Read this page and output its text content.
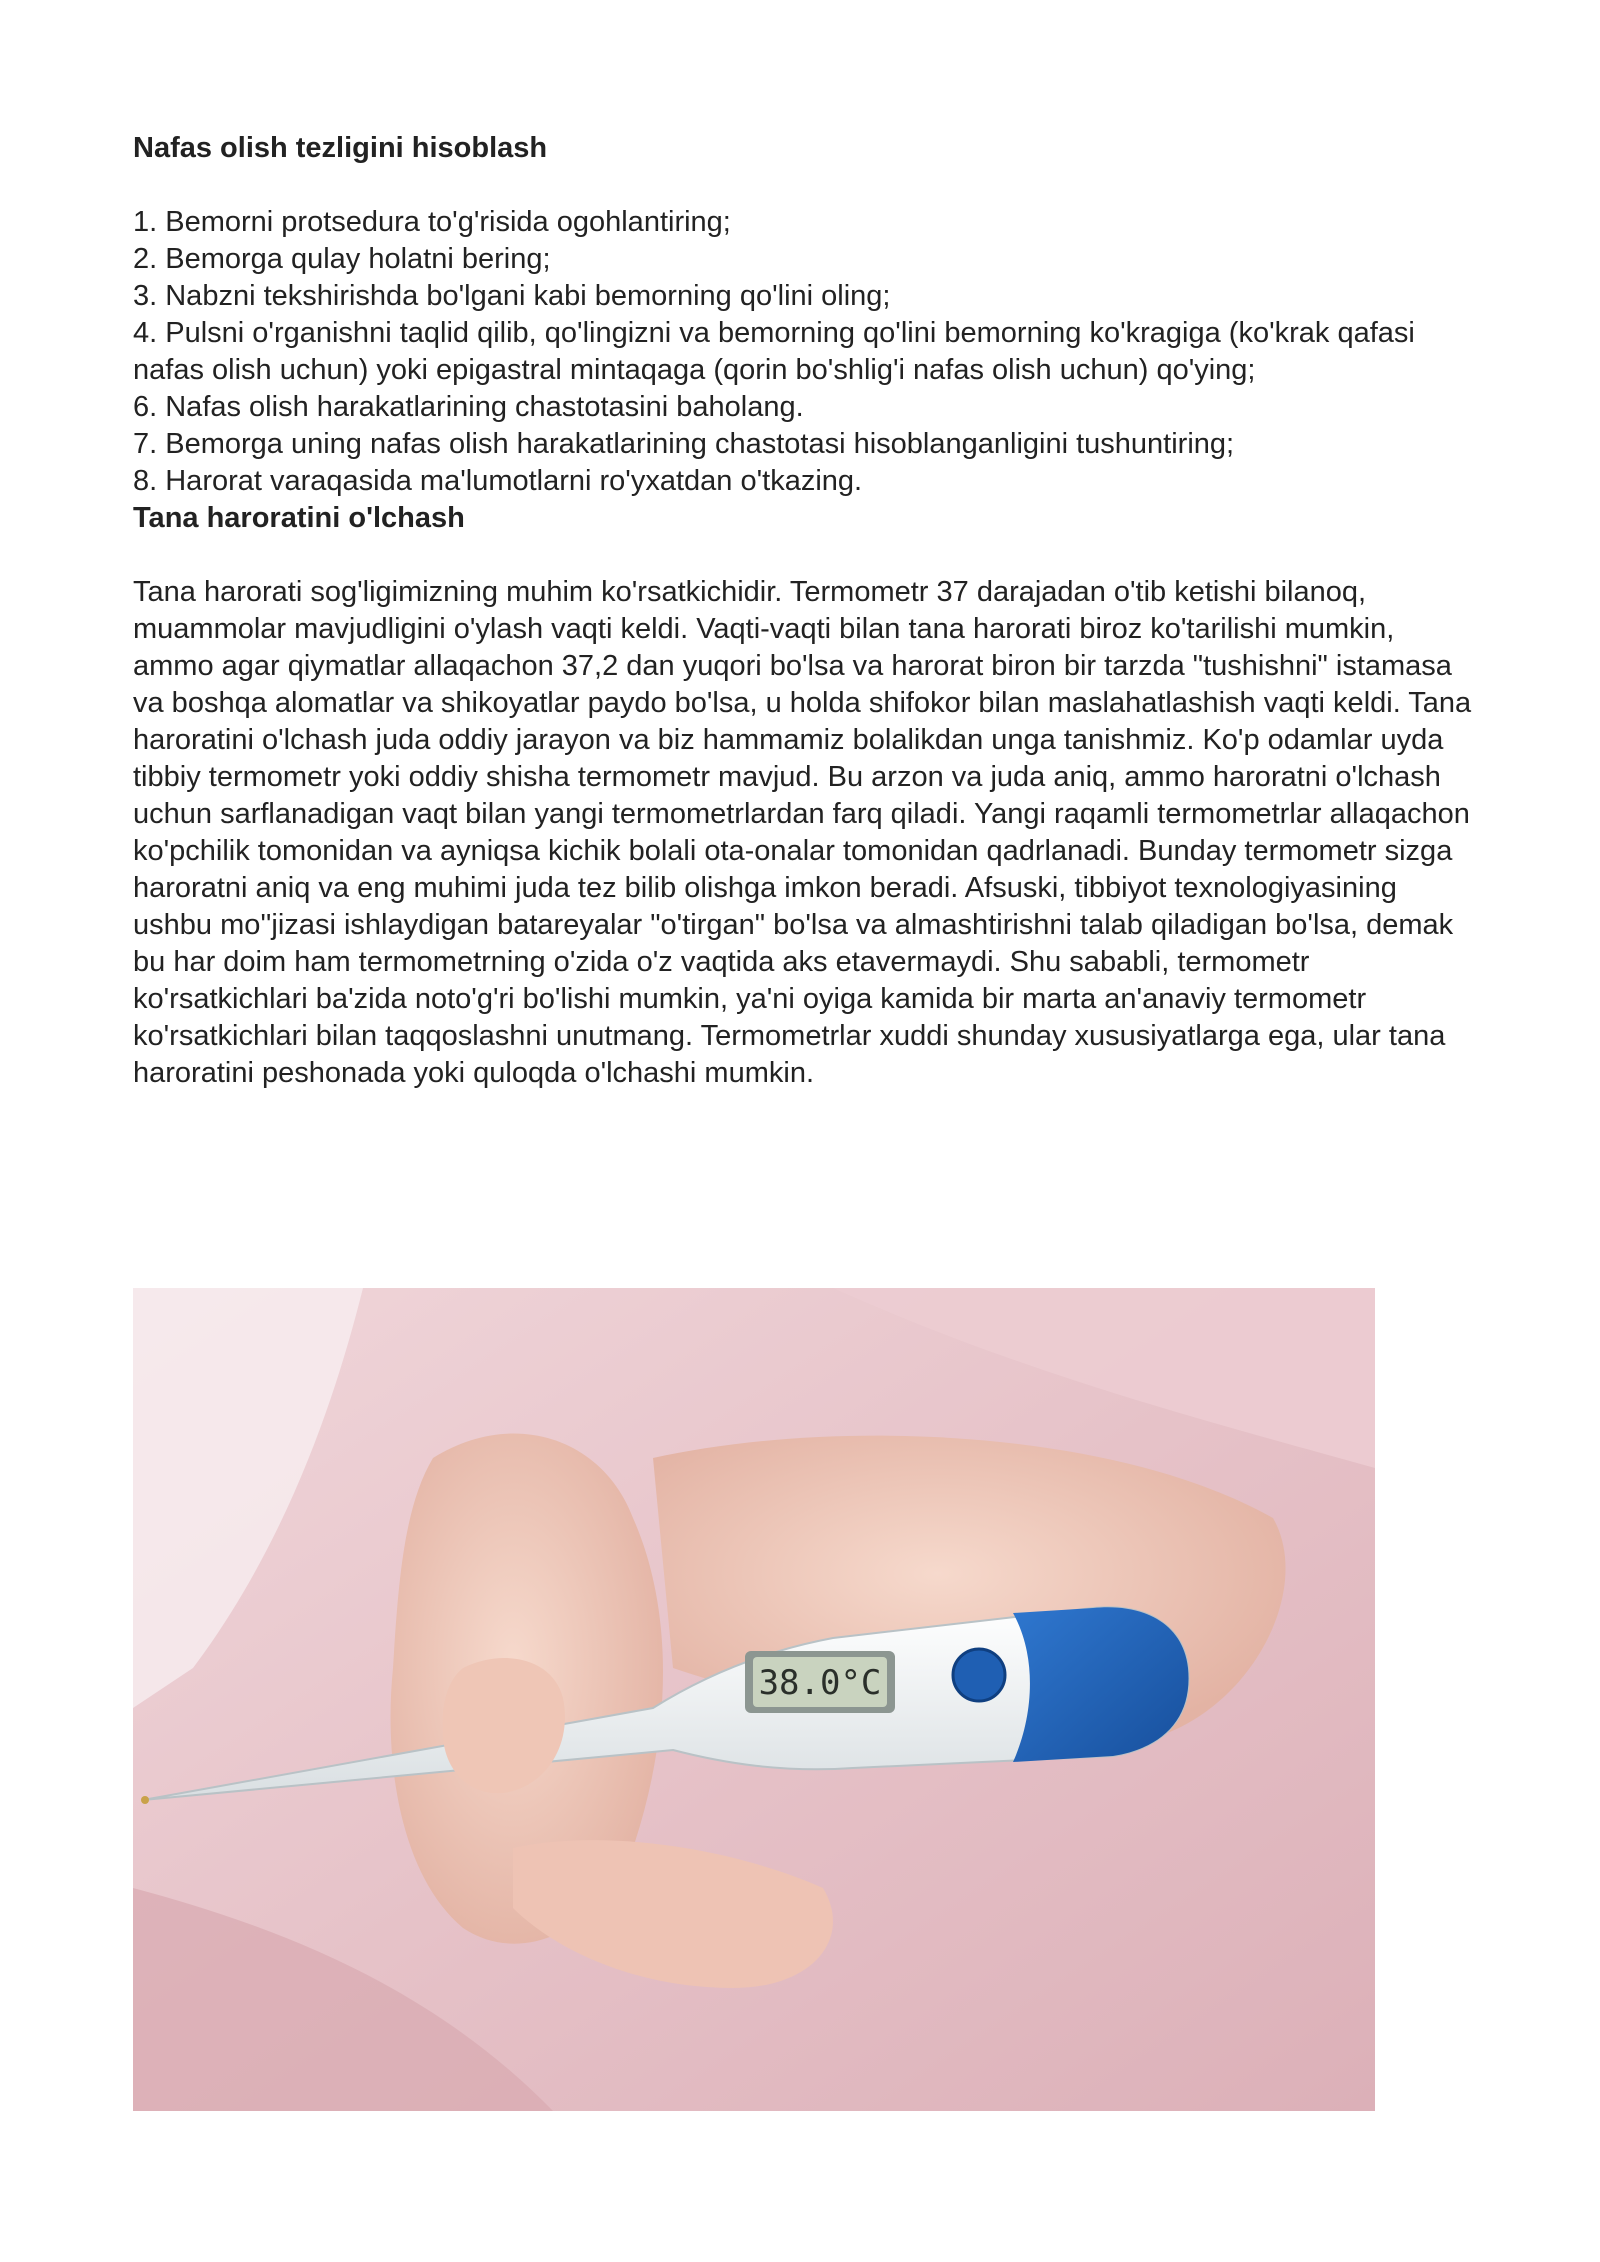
Nafas olish tezligini hisoblash
1. Bemorni protsedura to'g'risida ogohlantiring;
2. Bemorga qulay holatni bering;
3. Nabzni tekshirishda bo'lgani kabi bemorning qo'lini oling;
4. Pulsni o'rganishni taqlid qilib, qo'lingizni va bemorning qo'lini bemorning ko'kragiga (ko'krak qafasi nafas olish uchun) yoki epigastral mintaqaga (qorin bo'shlig'i nafas olish uchun) qo'ying;
6. Nafas olish harakatlarining chastotasini baholang.
7. Bemorga uning nafas olish harakatlarining chastotasi hisoblanganligini tushuntiring;
8. Harorat varaqasida ma'lumotlarni ro'yxatdan o'tkazing.
Tana haroratini o'lchash

Tana harorati sog'ligimizning muhim ko'rsatkichidir. Termometr 37 darajadan o'tib ketishi bilanoq, muammolar mavjudligini o'ylash vaqti keldi. Vaqti-vaqti bilan tana harorati biroz ko'tarilishi mumkin, ammo agar qiymatlar allaqachon 37,2 dan yuqori bo'lsa va harorat biron bir tarzda "tushishni" istamasa va boshqa alomatlar va shikoyatlar paydo bo'lsa, u holda shifokor bilan maslahatlashish vaqti keldi. Tana haroratini o'lchash juda oddiy jarayon va biz hammamiz bolalikdan unga tanishmiz. Ko'p odamlar uyda tibbiy termometr yoki oddiy shisha termometr mavjud. Bu arzon va juda aniq, ammo haroratni o'lchash uchun sarflanadigan vaqt bilan yangi termometrlardan farq qiladi. Yangi raqamli termometrlar allaqachon ko'pchilik tomonidan va ayniqsa kichik bolali ota-onalar tomonidan qadrlanadi. Bunday termometr sizga haroratni aniq va eng muhimi juda tez bilib olishga imkon beradi. Afsuski, tibbiyot texnologiyasining ushbu mo''jizasi ishlaydigan batareyalar "o'tirgan" bo'lsa va almashtirishni talab qiladigan bo'lsa, demak bu har doim ham termometrning o'zida o'z vaqtida aks etavermaydi. Shu sababli, termometr ko'rsatkichlari ba'zida noto'g'ri bo'lishi mumkin, ya'ni oyiga kamida bir marta an'anaviy termometr ko'rsatkichlari bilan taqqoslashni unutmang. Termometrlar xuddi shunday xususiyatlarga ega, ular tana haroratini peshonada yoki quloqda o'lchashi mumkin.

38.0°C
